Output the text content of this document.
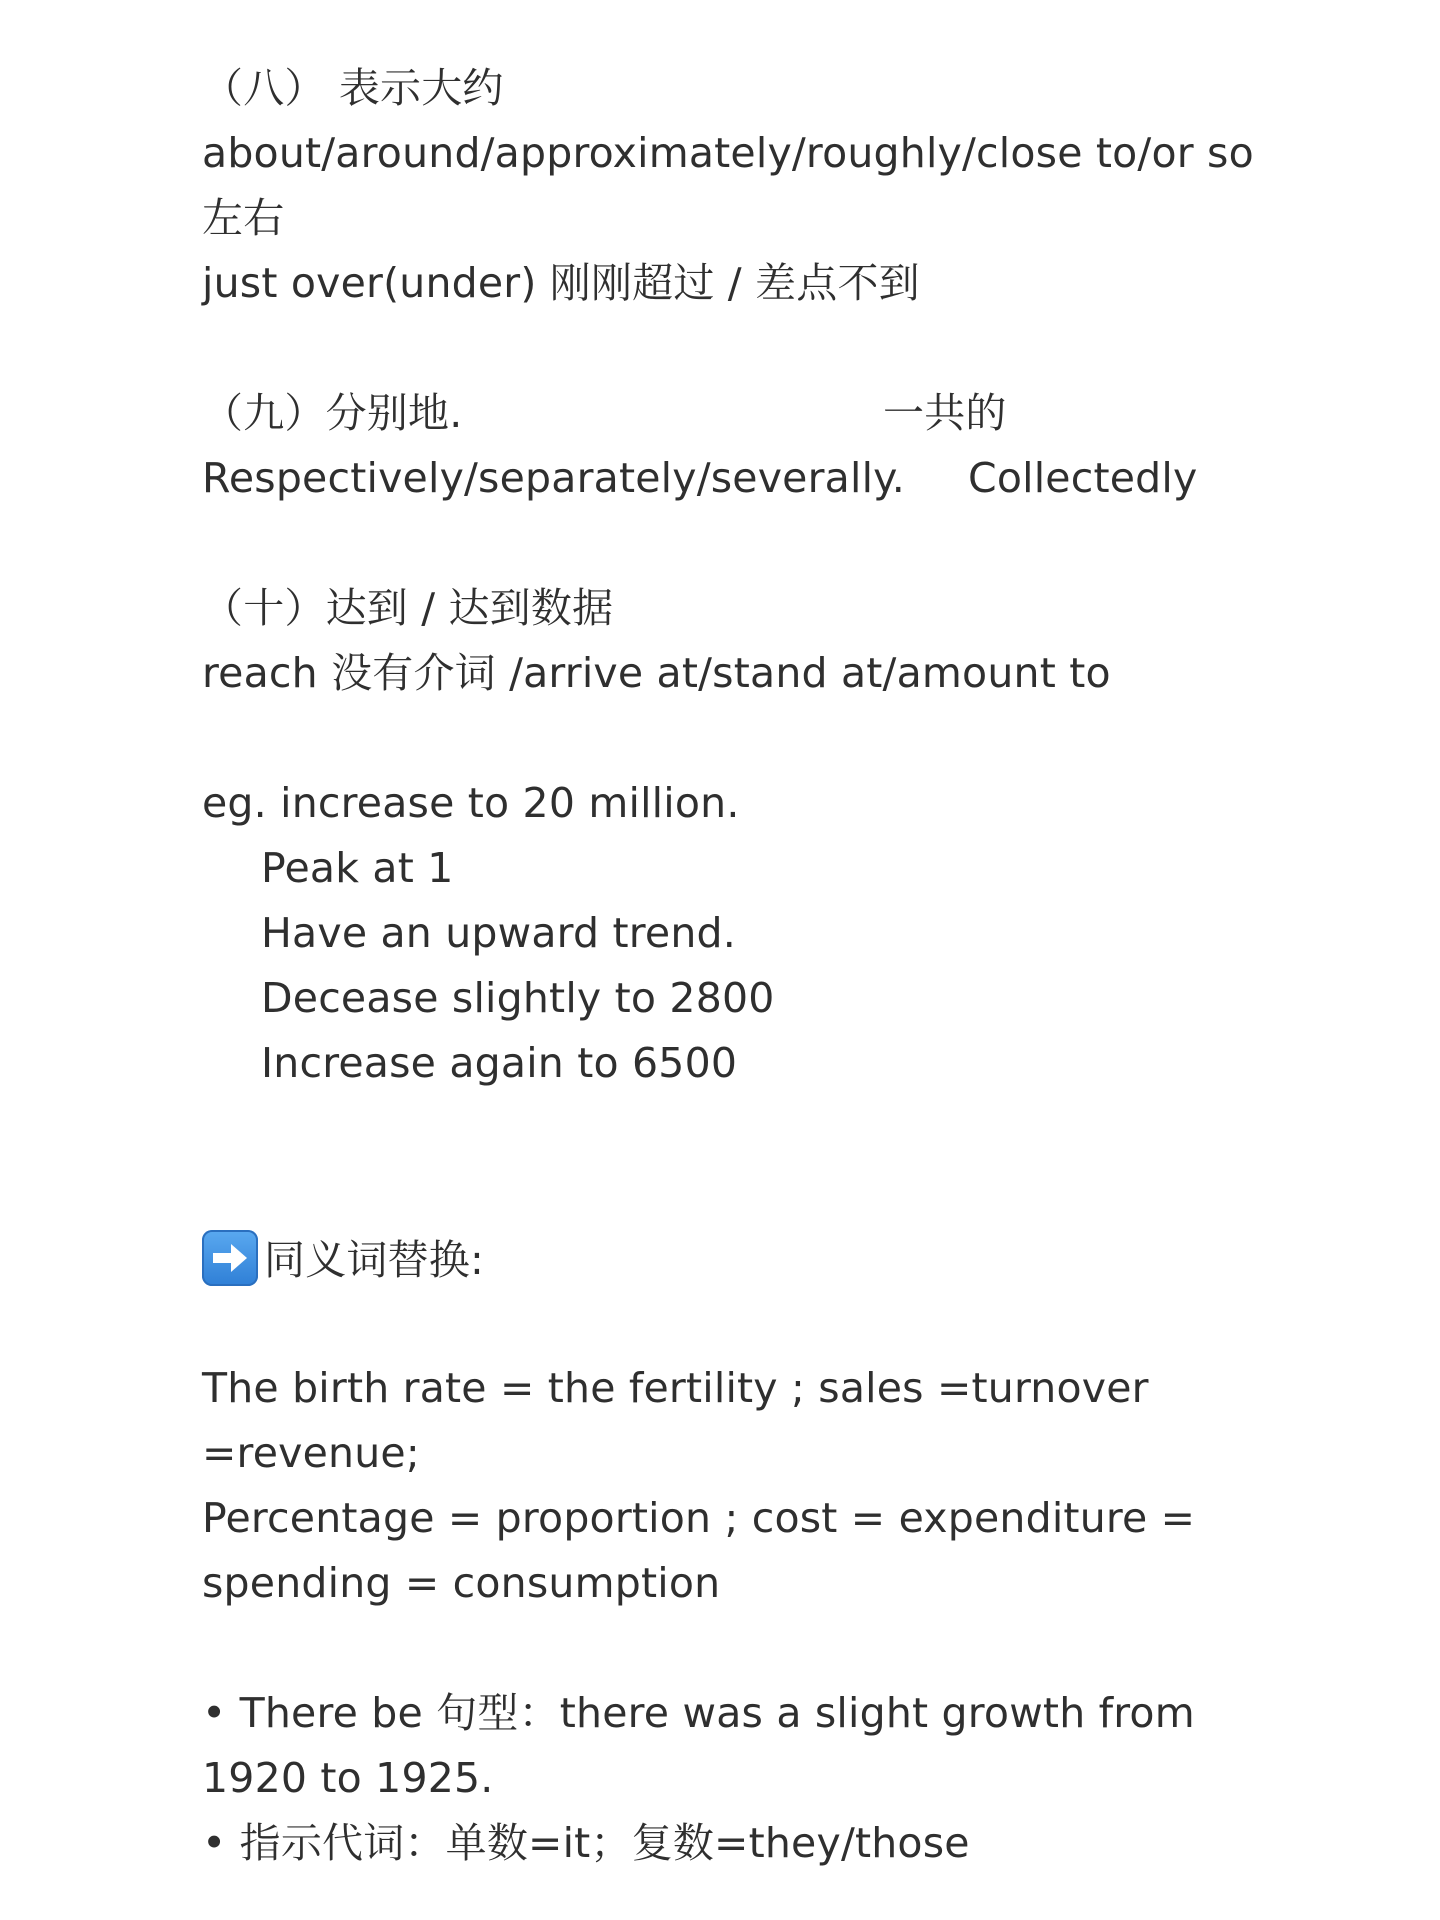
（八） 表示大约
about/around/approximately/roughly/close to/or so
左右
just over(under) 刚刚超过 / 差点不到
（九）分别地.	一共的
Respectively/separately/severally. Collectedly
（十）达到 / 达到数据
reach 没有介词 /arrive at/stand at/amount to
eg. increase to 20 million.
Peak at 1
Have an upward trend.
Decease slightly to 2800
Increase again to 6500
同义词替换:
The birth rate = the fertility ; sales =turnover
=revenue;
Percentage = proportion ; cost = expenditure =
spending = consumption
• There be 句型：there was a slight growth from
1920 to 1925.
• 指示代词：单数=it；复数=they/those
